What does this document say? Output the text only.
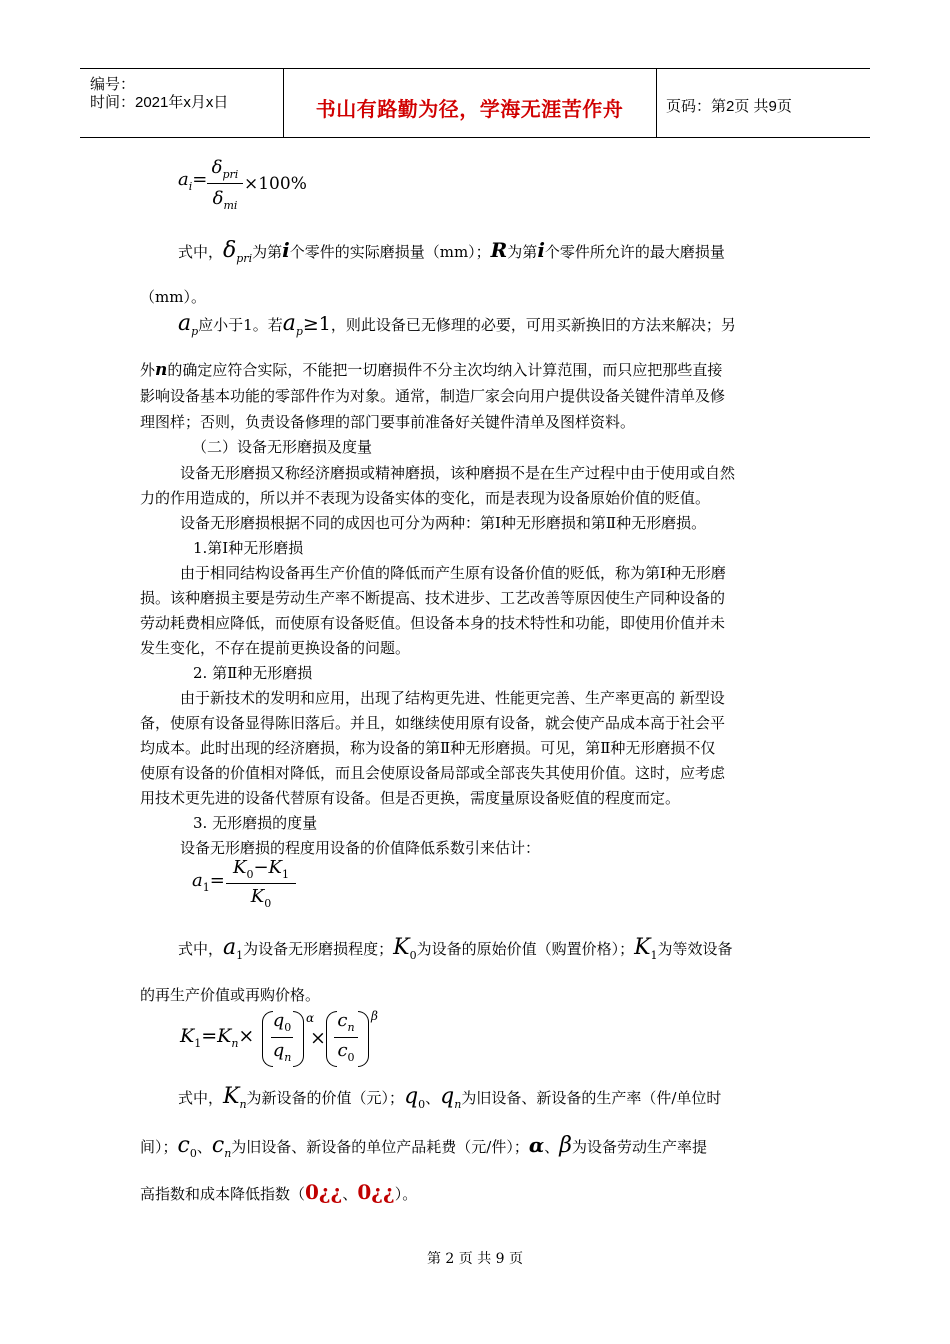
编号：
时间：2021年x月x日	书山有路勤为径，学海无涯苦作舟	页码：第2页 共9页
$a_i=$
$\delta_{pri}$
$\delta_{mi}$
×100%
式中，$\delta_{pri}$为第i个零件的实际磨损量（mm）；R为第i个零件所允许的最大磨损量
（mm）。
$a_p$应小于1。若$a_p\ge 1$，则此设备已无修理的必要，可用买新换旧的方法来解决；另
外n的确定应符合实际，不能把一切磨损件不分主次均纳入计算范围，而只应把那些直接
影响设备基本功能的零部件作为对象。通常，制造厂家会向用户提供设备关键件清单及修
理图样；否则，负责设备修理的部门要事前准备好关键件清单及图样资料。
（二）设备无形磨损及度量
设备无形磨损又称经济磨损或精神磨损，该种磨损不是在生产过程中由于使用或自然
力的作用造成的，所以并不表现为设备实体的变化，而是表现为设备原始价值的贬值。
设备无形磨损根据不同的成因也可分为两种：第Ⅰ种无形磨损和第Ⅱ种无形磨损。
1.第Ⅰ种无形磨损
由于相同结构设备再生产价值的降低而产生原有设备价值的贬低，称为第Ⅰ种无形磨
损。该种磨损主要是劳动生产率不断提高、技术进步、工艺改善等原因使生产同种设备的
劳动耗费相应降低，而使原有设备贬值。但设备本身的技术特性和功能，即使用价值并未
发生变化，不存在提前更换设备的问题。
2. 第Ⅱ种无形磨损
由于新技术的发明和应用，出现了结构更先进、性能更完善、生产率更高的 新型设
备，使原有设备显得陈旧落后。并且，如继续使用原有设备，就会使产品成本高于社会平
均成本。此时出现的经济磨损，称为设备的第Ⅱ种无形磨损。可见，第Ⅱ种无形磨损不仅
使原有设备的价值相对降低，而且会使原设备局部或全部丧失其使用价值。这时，应考虑
用技术更先进的设备代替原有设备。但是否更换，需度量原设备贬值的程度而定。
3. 无形磨损的度量
设备无形磨损的程度用设备的价值降低系数引来估计：
$a_1=$
$K_0-K_1$
$K_0$
式中，$a_1$为设备无形磨损程度；$K_0$为设备的原始价值（购置价格）；$K_1$为等效设备
的再生产价值或再购价格。
$K_1=K_n\times$
$q_0$
$q_n$
α
×
$c_n$
$c_0$
β
式中，$K_n$为新设备的价值（元）；$q_0$、$q_n$为旧设备、新设备的生产率（件/单位时
间）；$c_0$、$c_n$为旧设备、新设备的单位产品耗费（元/件）；α、β为设备劳动生产率提
高指数和成本降低指数（0¿¿、0¿¿）。
第 2 页 共 9 页
